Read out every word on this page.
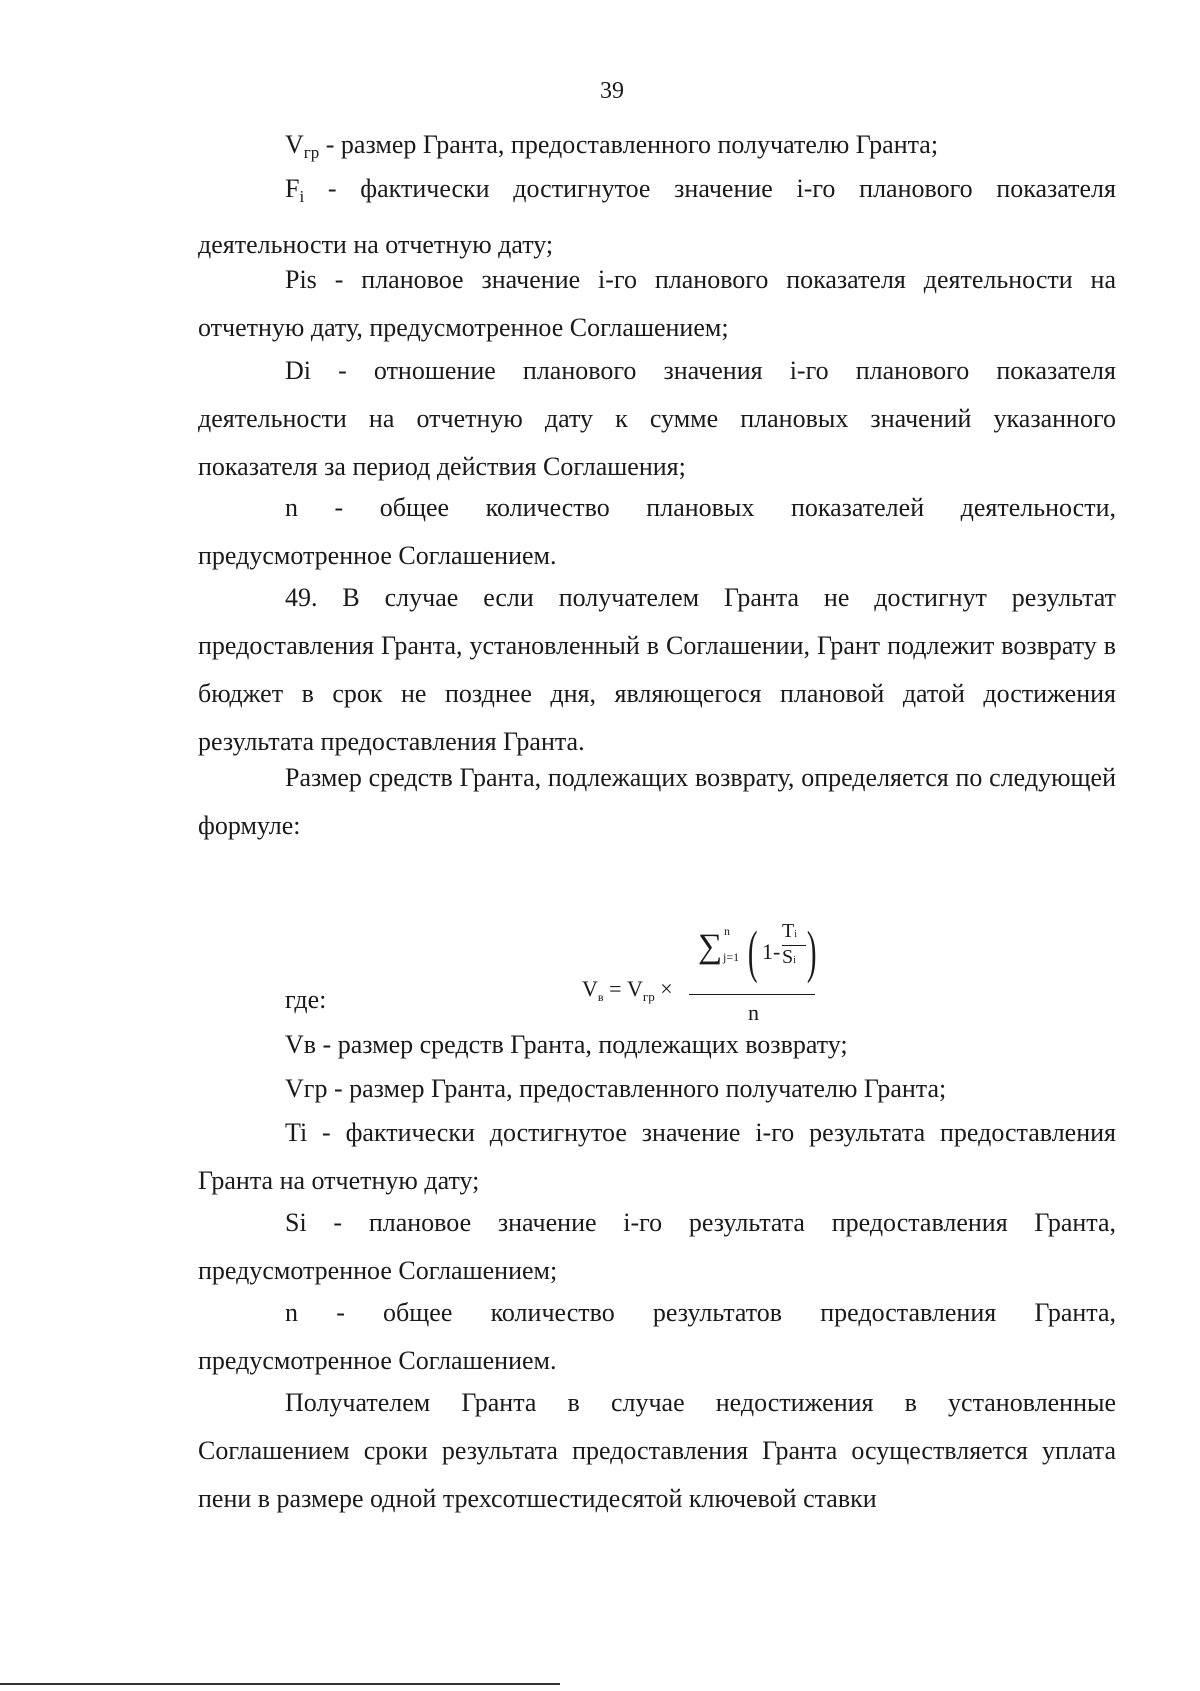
39

$V_{гр}$ - размер Гранта, предоставленного получателю Гранта;

$F_i$ - фактически достигнутое значение i-го планового показателя деятельности на отчетную дату;

Pis - плановое значение i-го планового показателя деятельности на отчетную дату, предусмотренное Соглашением;

Di - отношение планового значения i-го планового показателя деятельности на отчетную дату к сумме плановых значений указанного показателя за период действия Соглашения;

n - общее количество плановых показателей деятельности, предусмотренное Соглашением.

49. В случае если получателем Гранта не достигнут результат предоставления Гранта, установленный в Соглашении, Грант подлежит возврату в бюджет в срок не позднее дня, являющегося плановой датой достижения результата предоставления Гранта.

Размер средств Гранта, подлежащих возврату, определяется по следующей формуле:

$V_в = V_{гр}$ ×
∑ n
j=1 ( 1-
Ti
Si )
n

где:

Vв - размер средств Гранта, подлежащих возврату;

Vгр - размер Гранта, предоставленного получателю Гранта;

Ti - фактически достигнутое значение i-го результата предоставления Гранта на отчетную дату;

Si - плановое значение i-го результата предоставления Гранта, предусмотренное Соглашением;

n - общее количество результатов предоставления Гранта, предусмотренное Соглашением.

Получателем Гранта в случае недостижения в установленные Соглашением сроки результата предоставления Гранта осуществляется уплата пени в размере одной трехсотшестидесятой ключевой ставки
